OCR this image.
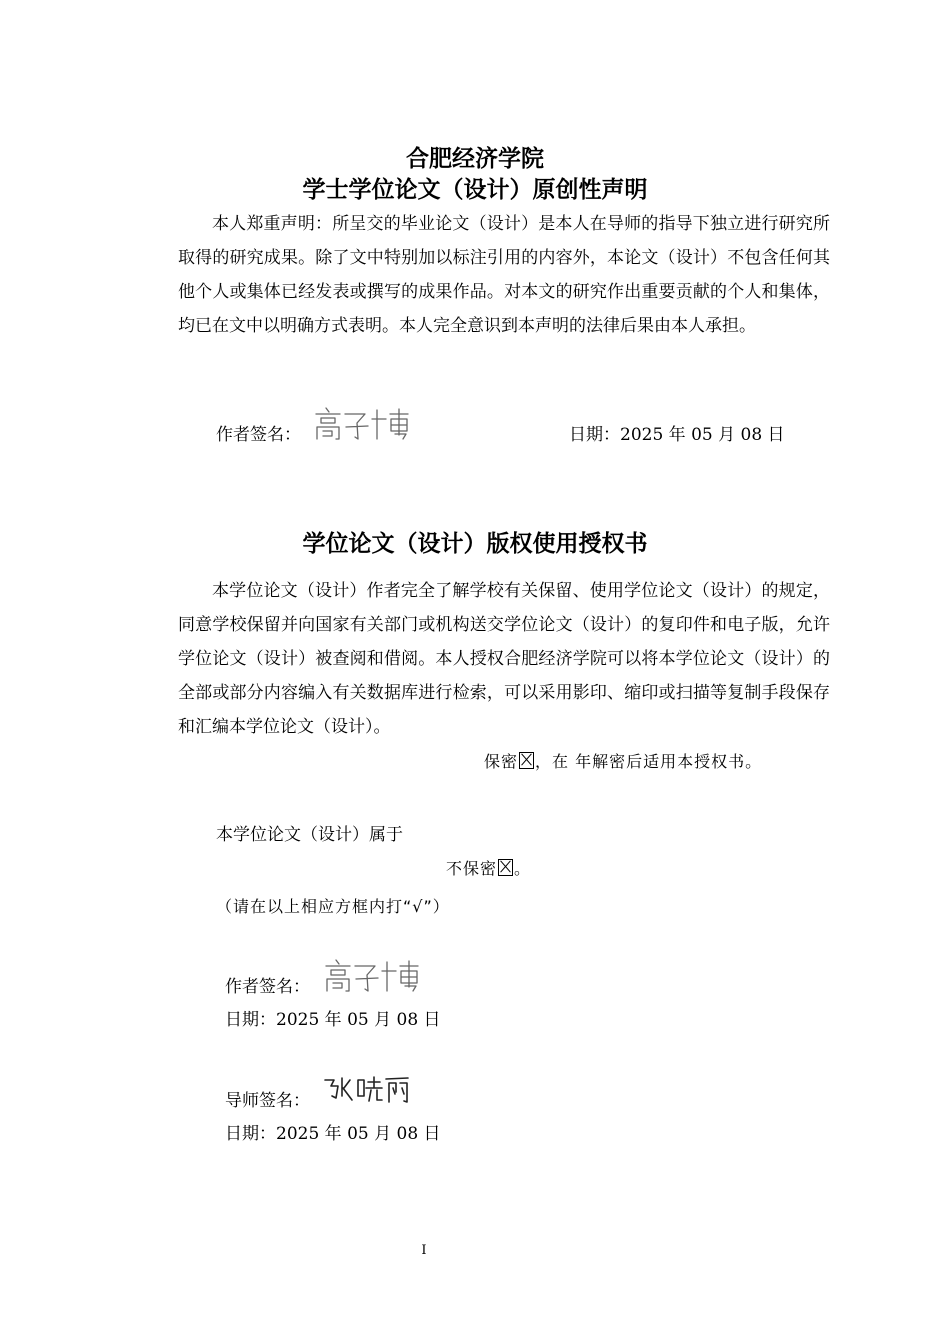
合肥经济学院
学士学位论文（设计）原创性声明

本人郑重声明：所呈交的毕业论文（设计）是本人在导师的指导下独立进行研究所取得的研究成果。除了文中特别加以标注引用的内容外，本论文（设计）不包含任何其他个人或集体已经发表或撰写的成果作品。对本文的研究作出重要贡献的个人和集体，均已在文中以明确方式表明。本人完全意识到本声明的法律后果由本人承担。

作者签名：	日期：2025 年 05 月 08 日
学位论文（设计）版权使用授权书

本学位论文（设计）作者完全了解学校有关保留、使用学位论文（设计）的规定，同意学校保留并向国家有关部门或机构送交学位论文（设计）的复印件和电子版，允许学位论文（设计）被查阅和借阅。本人授权合肥经济学院可以将本学位论文（设计）的全部或部分内容编入有关数据库进行检索，可以采用影印、缩印或扫描等复制手段保存和汇编本学位论文（设计）。

保密 ，在 年解密后适用本授权书。
本学位论文（设计）属于
不保密 。
（请在以上相应方框内打“√”）
作者签名：
日期：2025 年 05 月 08 日
导师签名：
日期：2025 年 05 月 08 日
I
